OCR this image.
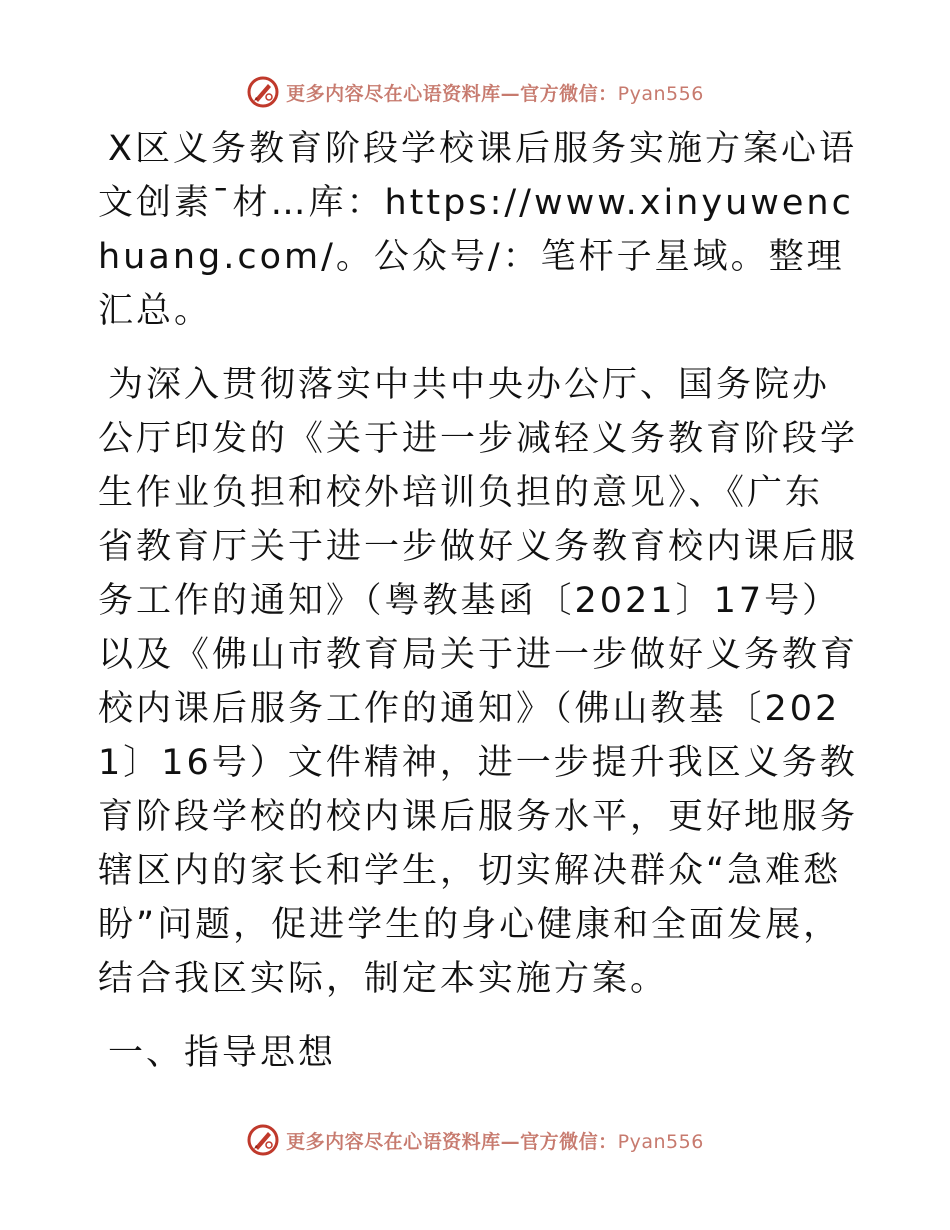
更多内容尽在心语资料库—官方微信：Pyan556

X区义务教育阶段学校课后服务实施方案心语文创素¯材…库：https://www.xinyuwenchuang.com/。公众号/：笔杆子星域。整理汇总。

为深入贯彻落实中共中央办公厅、国务院办公厅印发的《关于进一步减轻义务教育阶段学生作业负担和校外培训负担的意见》、《广东省教育厅关于进一步做好义务教育校内课后服务工作的通知》（粤教基函〔2021〕17号）以及《佛山市教育局关于进一步做好义务教育校内课后服务工作的通知》（佛山教基〔2021〕16号）文件精神，进一步提升我区义务教育阶段学校的校内课后服务水平，更好地服务辖区内的家长和学生，切实解决群众“急难愁盼”问题，促进学生的身心健康和全面发展，结合我区实际，制定本实施方案。

一、指导思想

更多内容尽在心语资料库—官方微信：Pyan556
